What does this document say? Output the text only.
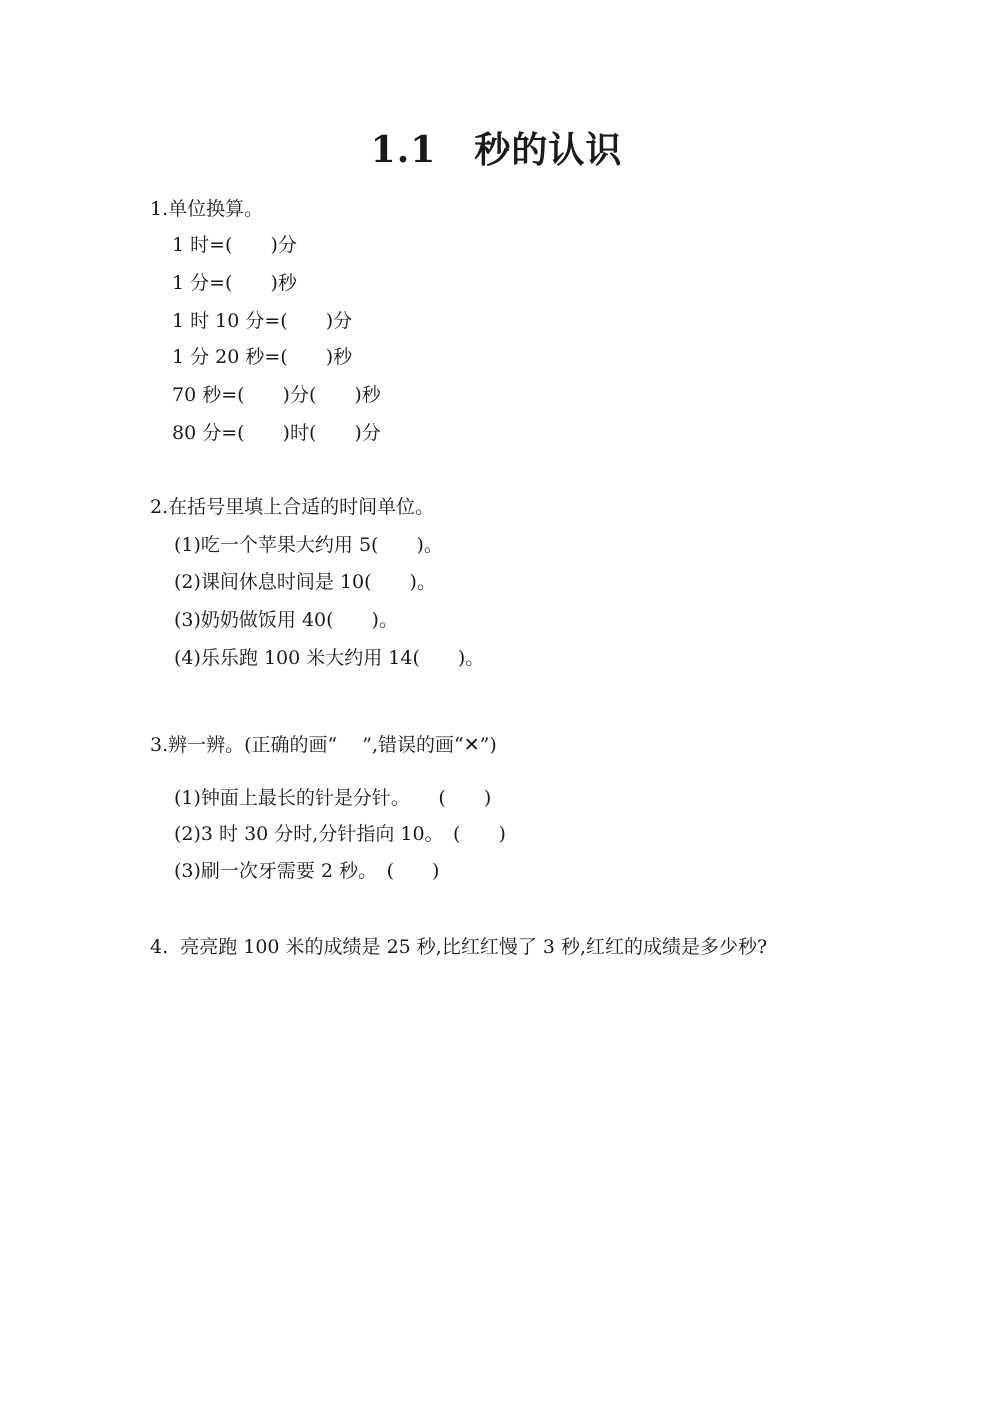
1.1 秒的认识
1.单位换算。
1 时=(　　)分
1 分=(　　)秒
1 时 10 分=(　　)分
1 分 20 秒=(　　)秒
70 秒=(　　)分(　　)秒
80 分=(　　)时(　　)分
2.在括号里填上合适的时间单位。
(1)吃一个苹果大约用 5(　　)。
(2)课间休息时间是 10(　　)。
(3)奶奶做饭用 40(　　)。
(4)乐乐跑 100 米大约用 14(　　)。
3.辨一辨。(正确的画“　 ”,错误的画“✕”)
(1)钟面上最长的针是分针。　　(　　)
(2)3 时 30 分时,分针指向 10。　(　　)
(3)刷一次牙需要 2 秒。　(　　)
4.  亮亮跑 100 米的成绩是 25 秒,比红红慢了 3 秒,红红的成绩是多少秒?
